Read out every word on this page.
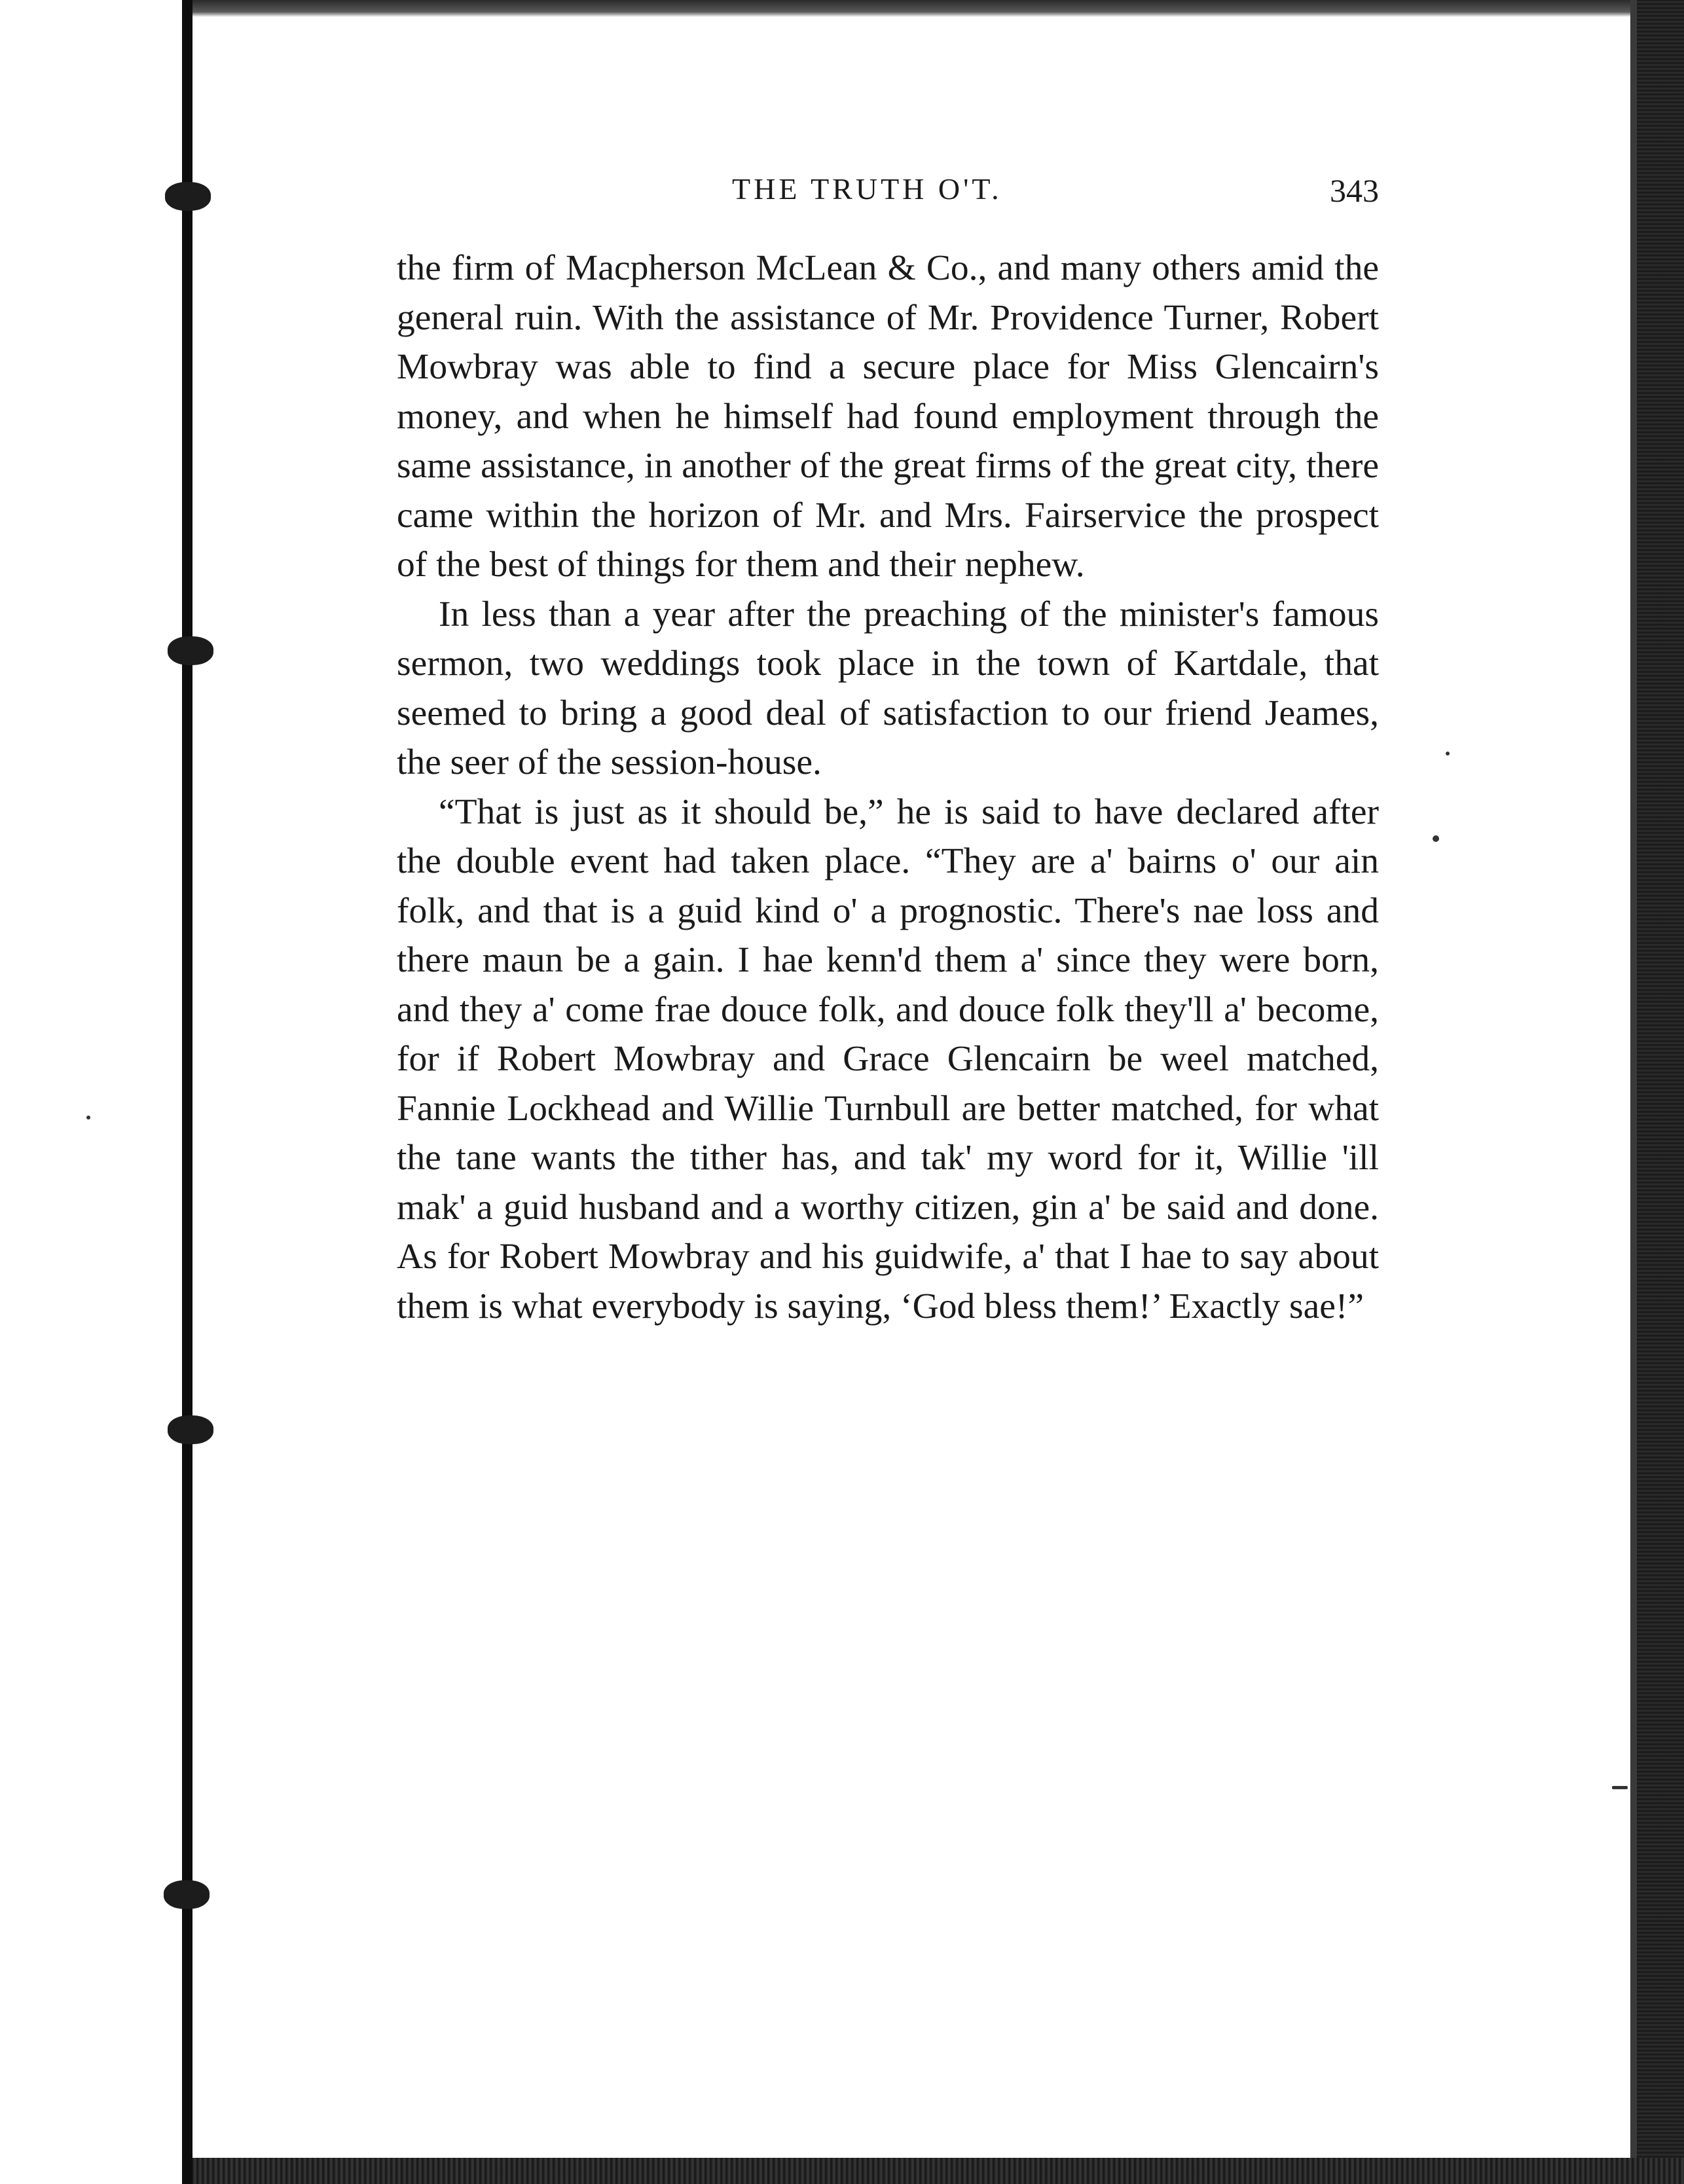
THE TRUTH O'T.	343

the firm of Macpherson McLean & Co., and many others amid the general ruin. With the assistance of Mr. Providence Turner, Robert Mowbray was able to find a secure place for Miss Glencairn's money, and when he himself had found employment through the same assistance, in another of the great firms of the great city, there came within the horizon of Mr. and Mrs. Fairservice the prospect of the best of things for them and their nephew.

In less than a year after the preaching of the minister's famous sermon, two weddings took place in the town of Kartdale, that seemed to bring a good deal of satisfaction to our friend Jeames, the seer of the session-house.

“That is just as it should be,” he is said to have declared after the double event had taken place. “They are a' bairns o' our ain folk, and that is a guid kind o' a prognostic. There's nae loss and there maun be a gain. I hae kenn'd them a' since they were born, and they a' come frae douce folk, and douce folk they'll a' become, for if Robert Mowbray and Grace Glencairn be weel matched, Fannie Lockhead and Willie Turnbull are better matched, for what the tane wants the tither has, and tak' my word for it, Willie 'ill mak' a guid husband and a worthy citizen, gin a' be said and done. As for Robert Mowbray and his guidwife, a' that I hae to say about them is what everybody is saying, ‘God bless them!’ Exactly sae!”
